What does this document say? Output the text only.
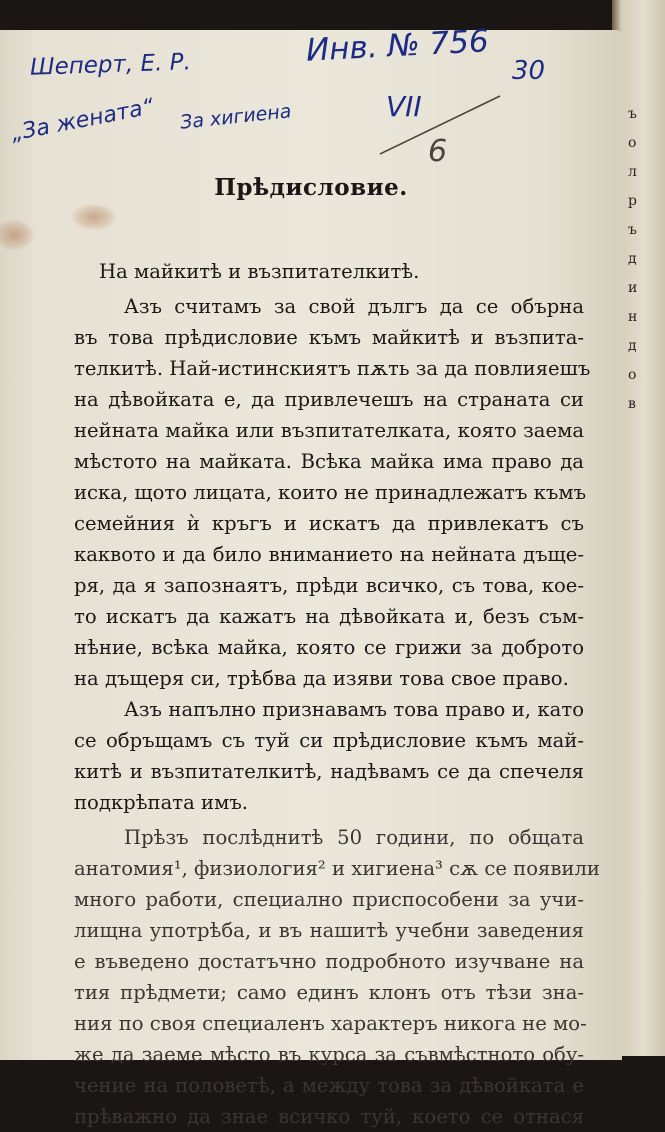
ъ
о
л
р
ъ
д
и
н
д
о
в
Шеперт, Е. Р.
„За жената“
Инв. № 756
30
За хигиена	VII
6
Прѣдисловие.
На майкитѣ и възпитателкитѣ.
Азъ считамъ за свой дългъ да се обърна
въ това прѣдисловие къмъ майкитѣ и възпита-
телкитѣ. Най-истинскиятъ пѫть за да повлияешъ
на дѣвойката е, да привлечешъ на страната си
нейната майка или възпитателката, която заема
мѣстото на майката. Всѣка майка има право да
иска, щото лицата, които не принадлежатъ къмъ
семейния ѝ кръгъ и искатъ да привлекатъ съ
каквото и да било вниманието на нейната дъще-
ря, да я запознаятъ, прѣди всичко, съ това, кое-
то искатъ да кажатъ на дѣвойката и, безъ съм-
нѣние, всѣка майка, която се грижи за доброто
на дъщеря си, трѣбва да изяви това свое право.
Азъ напълно признавамъ това право и, като
се обръщамъ съ туй си прѣдисловие къмъ май-
китѣ и възпитателкитѣ, надѣвамъ се да спечеля
подкрѣпата имъ.
Прѣзъ послѣднитѣ 50 години, по общата
анатомия¹, физиология² и хигиена³ сѫ се появили
много работи, специално приспособени за учи-
лищна употрѣба, и въ нашитѣ учебни заведения
е въведено достатъчно подробното изучване на
тия прѣдмети; само единъ клонъ отъ тѣзи зна-
ния по своя специаленъ характеръ никога не мо-
же да заеме мѣсто въ курса за съвмѣстното обу-
чение на половетѣ, а между това за дѣвойката е
прѣважно да знае всичко туй, което се отнася
